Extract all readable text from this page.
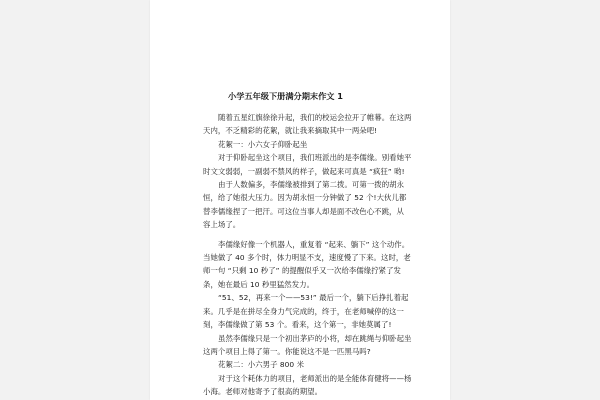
小学五年级下册满分期末作文 1
随着五星红旗徐徐升起，我们的校运会拉开了帷幕。在这两
天内，不乏精彩的花絮，就让我来摘取其中一两朵吧!
花絮一：小六女子仰卧起坐
对于仰卧起坐这个项目，我们班派出的是李儒缘。别看她平
时文文弱弱，一副弱不禁风的样子，做起来可真是 “疯狂” 哟!
由于人数偏多，李儒缘被排到了第二拨。可第一拨的胡永
恒，给了她很大压力。因为胡永恒一分钟做了 52 个!大伙儿都
替李儒缘捏了一把汗。可这位当事人却是面不改色心不跳，从
容上场了。
李儒缘好像一个机器人，重复着 “起来、躺下” 这个动作。
当她做了 40 多个时，体力明显不支，速度慢了下来。这时，老
师一句 “只剩 10 秒了” 的提醒似乎又一次给李儒缘拧紧了发
条，她在最后 10 秒里猛然发力。
“51、52，再来一个——53!” 最后一个，躺下后挣扎着起
来。几乎是在拼尽全身力气完成的，终于，在老师喊停的这一
刻，李儒缘做了第 53 个。看来，这个第一，非她莫属了!
虽然李儒缘只是一个初出茅庐的小将，却在跳绳与仰卧起坐
这两个项目上得了第一。你能说这不是一匹黑马吗?
花絮二：小六男子 800 米
对于这个耗体力的项目，老师派出的是全能体育健将——杨
小海。老师对他寄予了很高的期望。
